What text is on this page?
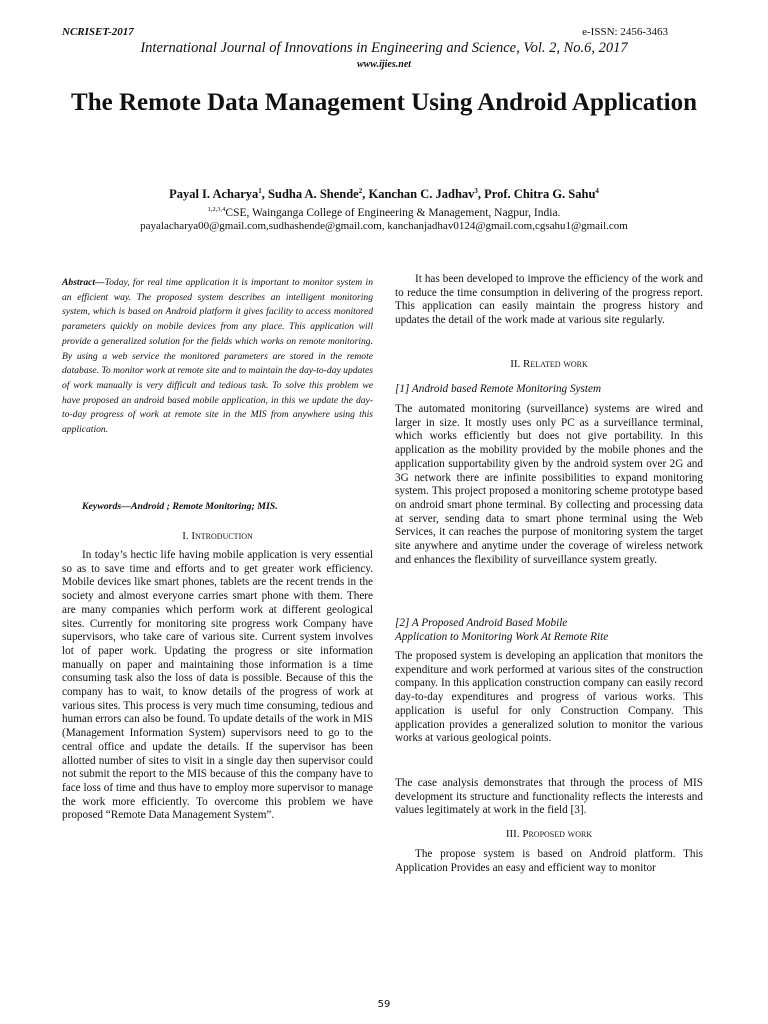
NCRISET-2017	e-ISSN: 2456-3463
International Journal of Innovations in Engineering and Science, Vol. 2, No.6, 2017
www.ijies.net
The Remote Data Management Using Android Application
Payal I. Acharya$^1$, Sudha A. Shende$^2$, Kanchan C. Jadhav$^3$, Prof. Chitra G. Sahu$^4$
$^{1,2,3,4}$CSE, Wainganga College of Engineering & Management, Nagpur, India.
payalacharya00@gmail.com,sudhashende@gmail.com, kanchanjadhav0124@gmail.com,cgsahu1@gmail.com
Abstract—Today, for real time application it is important to monitor system in an efficient way. The proposed system describes an intelligent monitoring system, which is based on Android platform it gives facility to access monitored parameters quickly on mobile devices from any place. This application will provide a generalized solution for the fields which works on remote monitoring. By using a web service the monitored parameters are stored in the remote database. To monitor work at remote site and to maintain the day-to-day updates of work manually is very difficult and tedious task. To solve this problem we have proposed an android based mobile application, in this we update the day-to-day progress of work at remote site in the MIS from anywhere using this application.
Keywords—Android ; Remote Monitoring; MIS.
I. Introduction
In today’s hectic life having mobile application is very essential so as to save time and efforts and to get greater work efficiency. Mobile devices like smart phones, tablets are the recent trends in the society and almost everyone carries smart phone with them. There are many companies which perform work at different geological sites. Currently for monitoring site progress work Company have supervisors, who take care of various site. Current system involves lot of paper work. Updating the progress or site information manually on paper and maintaining those information is a time consuming task also the loss of data is possible. Because of this the company has to wait, to know details of the progress of work at various sites. This process is very much time consuming, tedious and human errors can also be found. To update details of the work in MIS (Management Information System) supervisors need to go to the central office and update the details. If the supervisor has been allotted number of sites to visit in a single day then supervisor could not submit the report to the MIS because of this the company have to face loss of time and thus have to employ more supervisor to manage the work more efficiently. To overcome this problem we have proposed “Remote Data Management System”.
It has been developed to improve the efficiency of the work and to reduce the time consumption in delivering of the progress report. This application can easily maintain the progress history and updates the detail of the work made at various site regularly.
II. Related work
[1] Android based Remote Monitoring System
The automated monitoring (surveillance) systems are wired and larger in size. It mostly uses only PC as a surveillance terminal, which works efficiently but does not give portability. In this application as the mobility provided by the mobile phones and the application supportability given by the android system over 2G and 3G network there are infinite possibilities to expand monitoring system. This project proposed a monitoring scheme prototype based on android smart phone terminal. By collecting and processing data at server, sending data to smart phone terminal using the Web Services, it can reaches the purpose of monitoring system the target site anywhere and anytime under the coverage of wireless network and enhances the flexibility of surveillance system greatly.
[2] A Proposed Android Based Mobile
Application to Monitoring Work At Remote Rite
The proposed system is developing an application that monitors the expenditure and work performed at various sites of the construction company. In this application construction company can easily record day-to-day expenditures and progress of various works. This application is useful for only Construction Company. This application provides a generalized solution to monitor the various works at various geological points.
The case analysis demonstrates that through the process of MIS development its structure and functionality reflects the interests and values legitimately at work in the field [3].
III. Proposed work
The propose system is based on Android platform. This Application Provides an easy and efficient way to monitor
59
